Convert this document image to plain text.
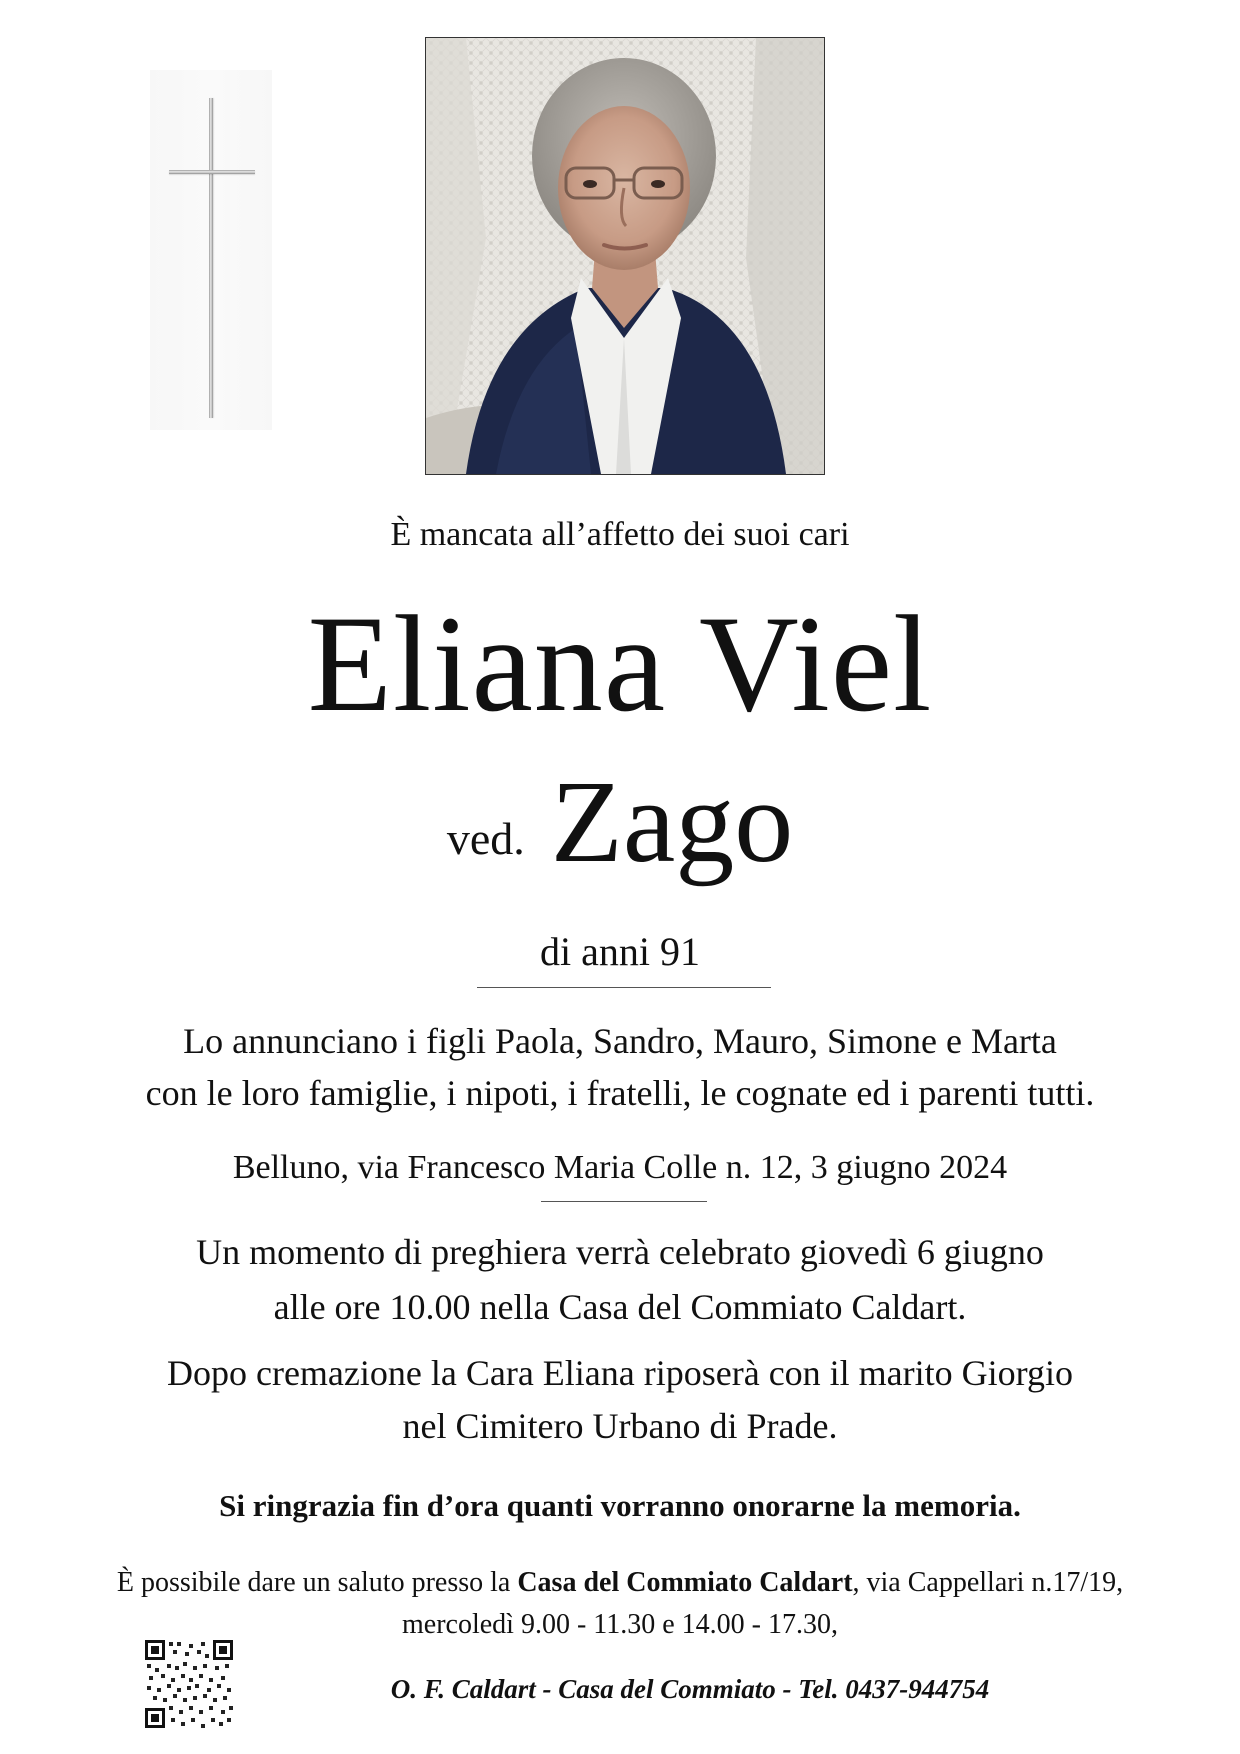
È mancata all’affetto dei suoi cari
Eliana Viel
ved. Zago
di anni 91
Lo annunciano i figli Paola, Sandro, Mauro, Simone e Marta
con le loro famiglie, i nipoti, i fratelli, le cognate ed i parenti tutti.
Belluno, via Francesco Maria Colle n. 12, 3 giugno 2024
Un momento di preghiera verrà celebrato giovedì 6 giugno
alle ore 10.00 nella Casa del Commiato Caldart.
Dopo cremazione la Cara Eliana riposerà con il marito Giorgio
nel Cimitero Urbano di Prade.
Si ringrazia fin d’ora quanti vorranno onorarne la memoria.
È possibile dare un saluto presso la Casa del Commiato Caldart, via Cappellari n.17/19,
mercoledì 9.00 - 11.30 e 14.00 - 17.30,
O. F. Caldart - Casa del Commiato - Tel. 0437-944754
